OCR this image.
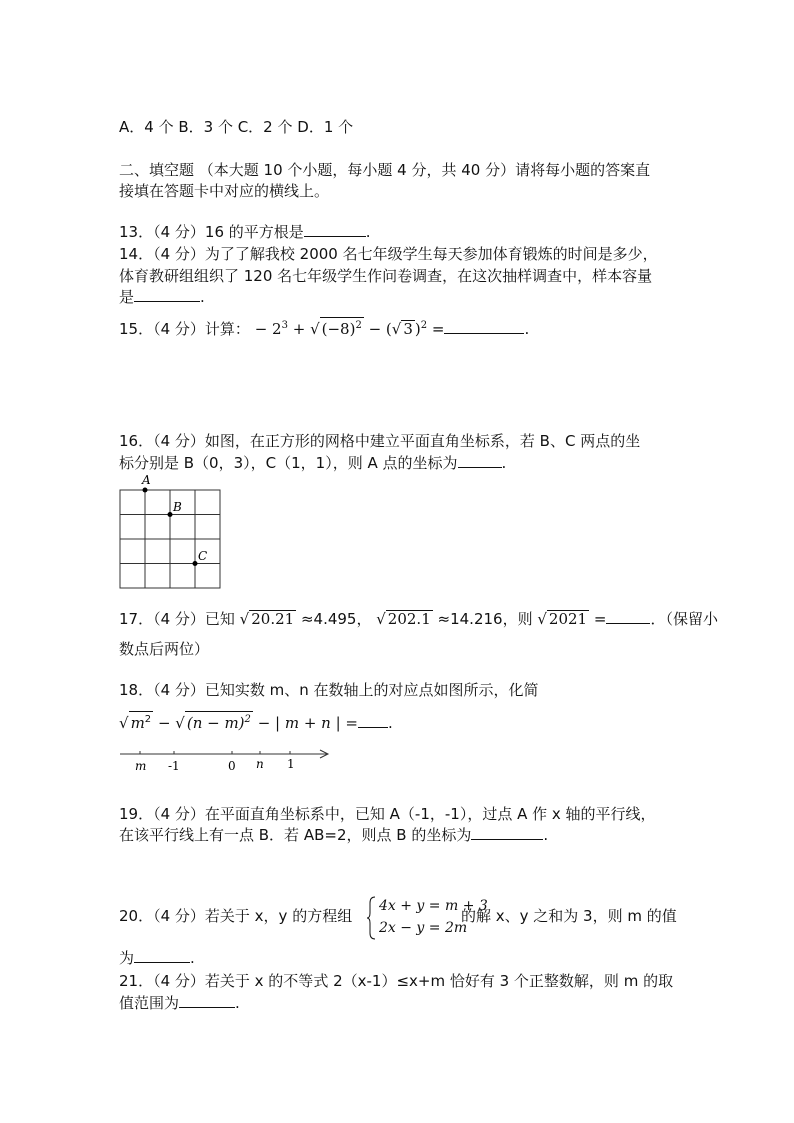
A．4 个 B．3 个 C．2 个 D．1 个
二、填空题 （本大题 10 个小题，每小题 4 分，共 40 分）请将每小题的答案直
接填在答题卡中对应的横线上。
13．（4 分）16 的平方根是	.
14．（4 分）为了了解我校 2000 名七年级学生每天参加体育锻炼的时间是多少，
体育教研组组织了 120 名七年级学生作问卷调查，在这次抽样调查中，样本容量
是	.
15．（4 分）计算： − $2^3$ + √ $(-8)^2$ − (√ 3 )$^2$ =	.
16．（4 分）如图，在正方形的网格中建立平面直角坐标系，若 B、C 两点的坐
标分别是 B（0，3），C（1，1），则 A 点的坐标为	.
A
B
C
17．（4 分）已知 √ 20.21 ≈4.495， √ 202.1 ≈14.216，则 √ 2021 =	．（保留小
数点后两位）
18．（4 分）已知实数 m、n 在数轴上的对应点如图所示，化简
√ $m^2$ − √ $(n - m)^2$ − | m + n | = .
m -1	0 n 1
19．（4 分）在平面直角坐标系中，已知 A（-1，-1），过点 A 作 x 轴的平行线，
在该平行线上有一点 B．若 AB=2，则点 B 的坐标为	.
20．（4 分）若关于 x，y 的方程组
4x + y = m + 3
2x − y = 2m
的解 x、y 之和为 3，则 m 的值
为	.
21．（4 分）若关于 x 的不等式 2（x-1）≤x+m 恰好有 3 个正整数解，则 m 的取
值范围为	.
